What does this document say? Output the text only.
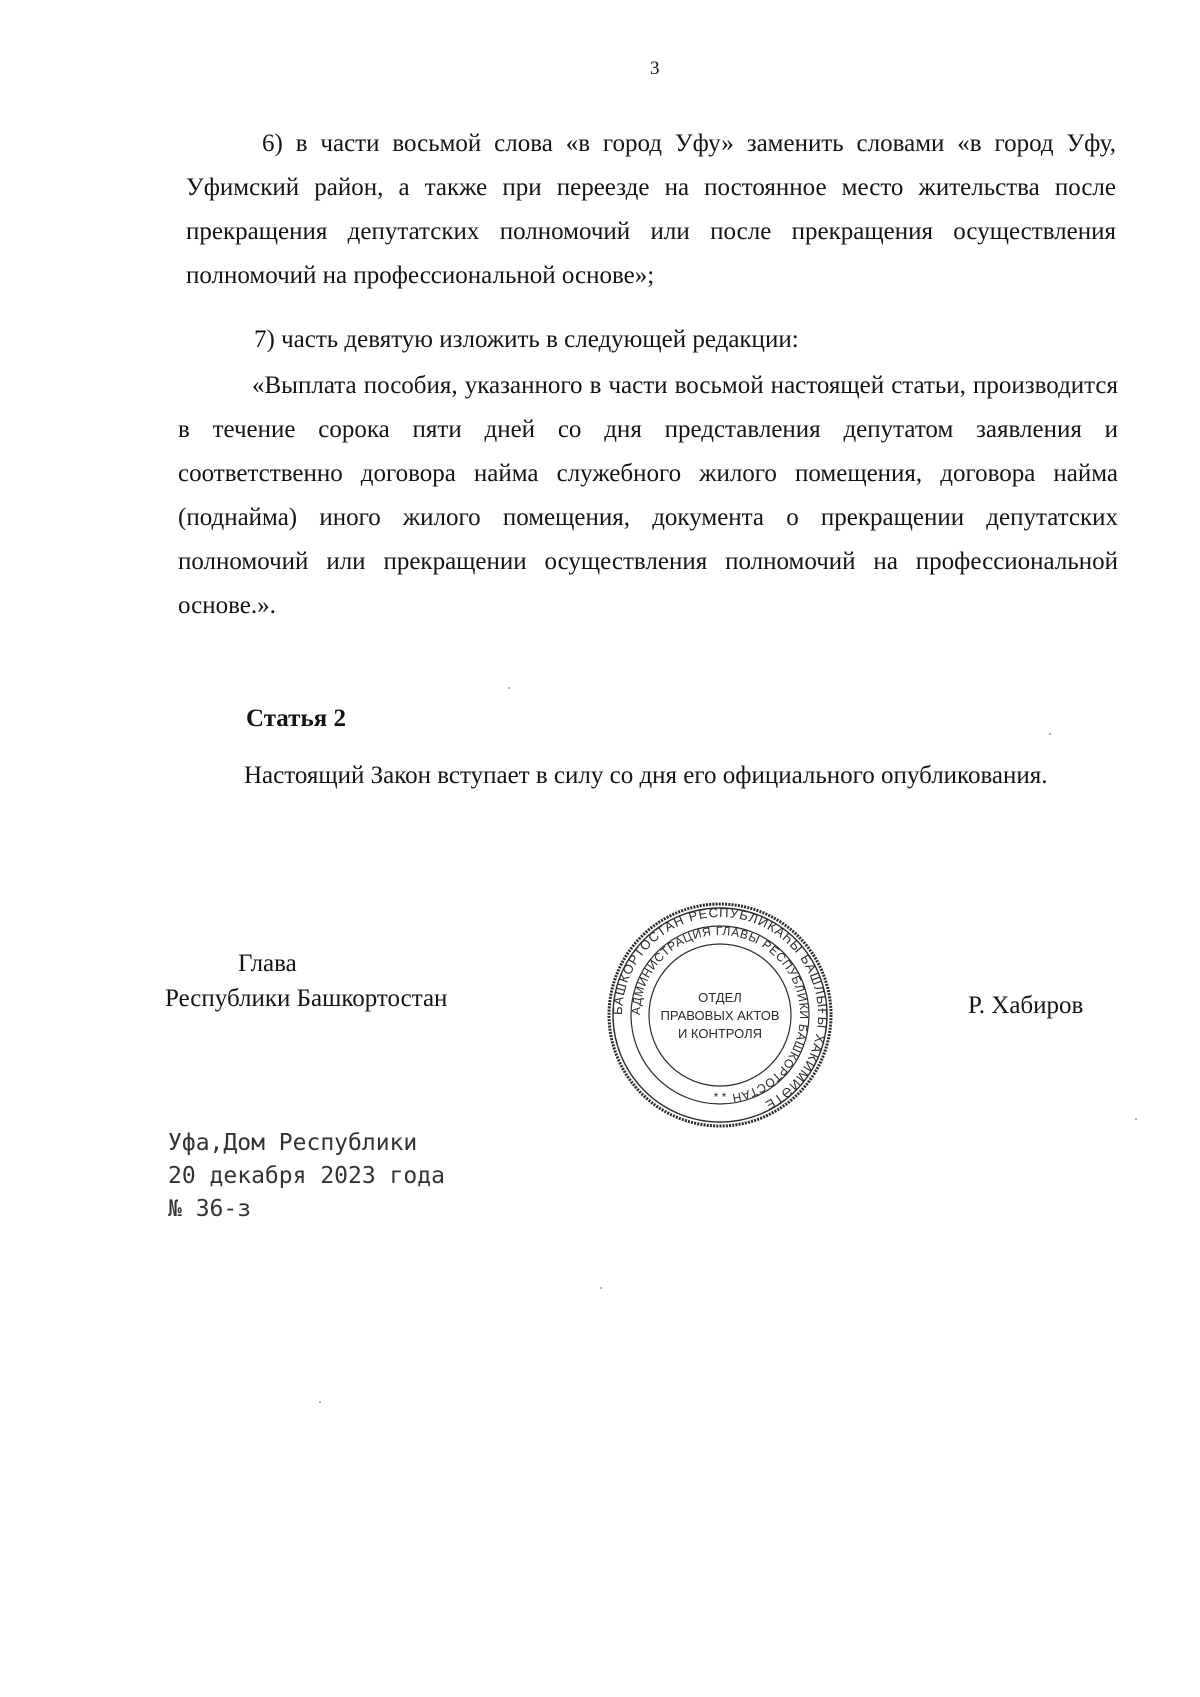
3

6) в части восьмой слова «в город Уфу» заменить словами «в город Уфу, Уфимский район, а также при переезде на постоянное место жительства после прекращения депутатских полномочий или после прекращения осуществления полномочий на профессиональной основе»;

7) часть девятую изложить в следующей редакции:

«Выплата пособия, указанного в части восьмой настоящей статьи, производится в течение сорока пяти дней со дня представления депутатом заявления и соответственно договора найма служебного жилого помещения, договора найма (поднайма) иного жилого помещения, документа о прекращении депутатских полномочий или прекращении осуществления полномочий на профессиональной основе.».

Статья 2

Настоящий Закон вступает в силу со дня его официального опубликования.

Глава
Республики Башкортостан	Р. Хабиров
БАШКОРТОСТАН РЕСПУБЛИКАҺЫ БАШЛЫҒЫ ХАКИМИӘТЕ
АДМИНИСТРАЦИЯ ГЛАВЫ РЕСПУБЛИКИ БАШКОРТОСТАН
ОТДЕЛ
ПРАВОВЫХ АКТОВ
И КОНТРОЛЯ
* *
Уфа,Дом Республики
20 декабря 2023 года
№ 36-з
